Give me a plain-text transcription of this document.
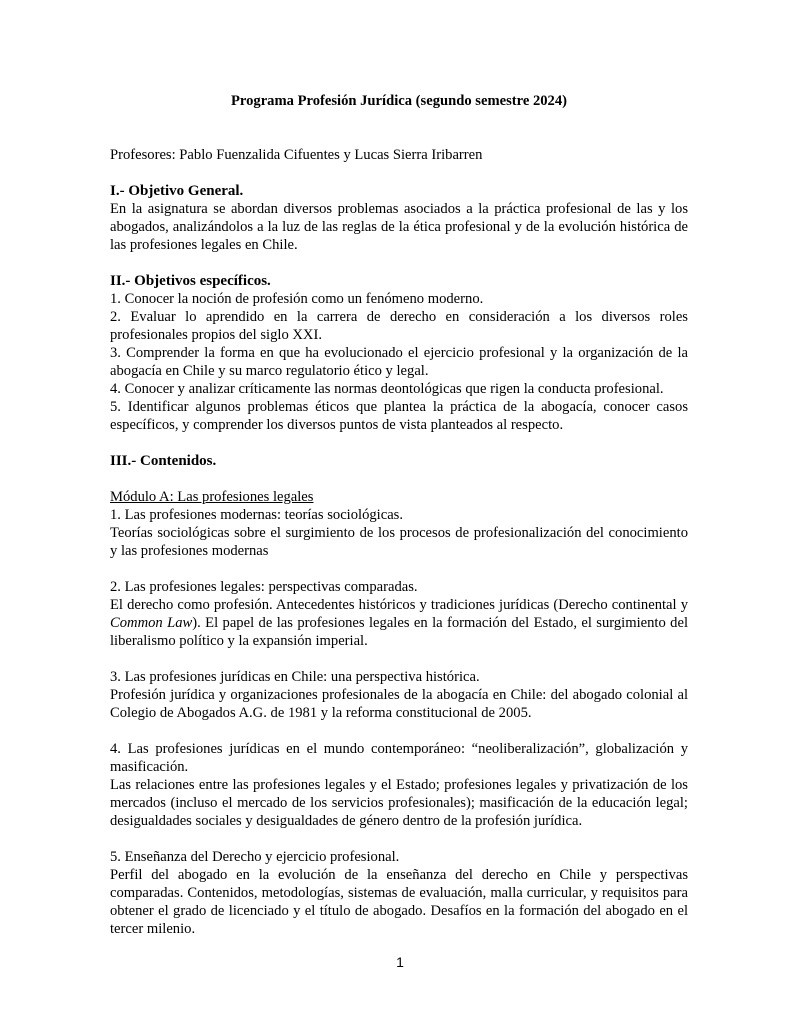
Programa Profesión Jurídica (segundo semestre 2024)

Profesores: Pablo Fuenzalida Cifuentes y Lucas Sierra Iribarren

I.- Objetivo General.

En la asignatura se abordan diversos problemas asociados a la práctica profesional de las y los abogados, analizándolos a la luz de las reglas de la ética profesional y de la evolución histórica de las profesiones legales en Chile.

II.- Objetivos específicos.

1. Conocer la noción de profesión como un fenómeno moderno.

2. Evaluar lo aprendido en la carrera de derecho en consideración a los diversos roles profesionales propios del siglo XXI.

3. Comprender la forma en que ha evolucionado el ejercicio profesional y la organización de la abogacía en Chile y su marco regulatorio ético y legal.

4. Conocer y analizar críticamente las normas deontológicas que rigen la conducta profesional.

5. Identificar algunos problemas éticos que plantea la práctica de la abogacía, conocer casos específicos, y comprender los diversos puntos de vista planteados al respecto.

III.- Contenidos.

Módulo A: Las profesiones legales

1. Las profesiones modernas: teorías sociológicas.

Teorías sociológicas sobre el surgimiento de los procesos de profesionalización del conocimiento y las profesiones modernas

2. Las profesiones legales: perspectivas comparadas.

El derecho como profesión. Antecedentes históricos y tradiciones jurídicas (Derecho continental y Common Law). El papel de las profesiones legales en la formación del Estado, el surgimiento del liberalismo político y la expansión imperial.

3. Las profesiones jurídicas en Chile: una perspectiva histórica.

Profesión jurídica y organizaciones profesionales de la abogacía en Chile: del abogado colonial al Colegio de Abogados A.G. de 1981 y la reforma constitucional de 2005.

4. Las profesiones jurídicas en el mundo contemporáneo: “neoliberalización”, globalización y masificación.

Las relaciones entre las profesiones legales y el Estado; profesiones legales y privatización de los mercados (incluso el mercado de los servicios profesionales); masificación de la educación legal; desigualdades sociales y desigualdades de género dentro de la profesión jurídica.

5. Enseñanza del Derecho y ejercicio profesional.

Perfil del abogado en la evolución de la enseñanza del derecho en Chile y perspectivas comparadas. Contenidos, metodologías, sistemas de evaluación, malla curricular, y requisitos para obtener el grado de licenciado y el título de abogado. Desafíos en la formación del abogado en el tercer milenio.

1
